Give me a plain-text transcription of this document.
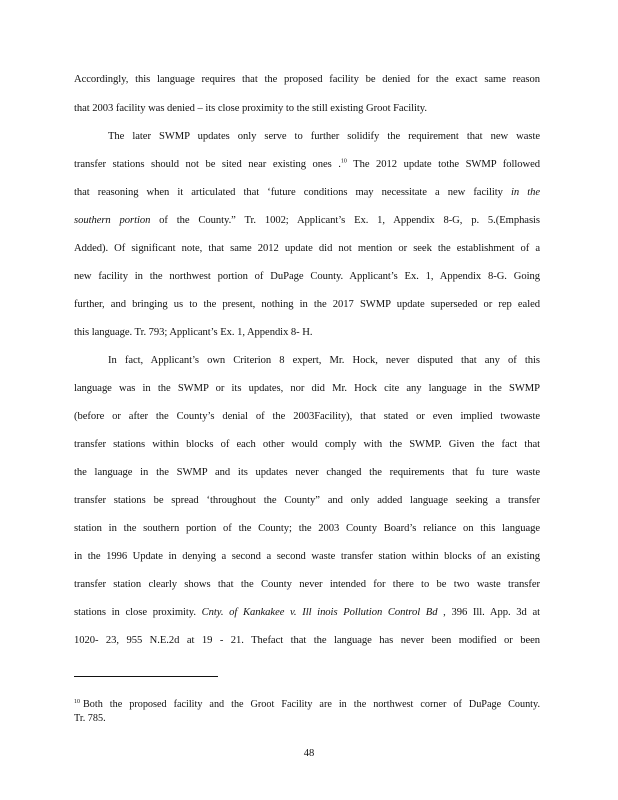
Accordingly, this language requires that the proposed facility be denied for the exact same reason
that 2003 facility was denied – its close proximity to the still existing Groot Facility.
The later SWMP updates only serve to further solidify the requirement that new waste
transfer stations should not be sited near existing ones .$^{10}$ The 2012 update tothe SWMP followed
that reasoning when it articulated that ‘future conditions may necessitate a new facility in the
southern portion of the County.” Tr. 1002; Applicant’s Ex. 1, Appendix 8-G, p. 5.(Emphasis
Added). Of significant note, that same 2012 update did not mention or seek the establishment of a
new facility in the northwest portion of DuPage County. Applicant’s Ex. 1, Appendix 8-G. Going
further, and bringing us to the present, nothing in the 2017 SWMP update superseded or rep ealed
this language. Tr. 793; Applicant’s Ex. 1, Appendix 8- H.
In fact, Applicant’s own Criterion 8 expert, Mr. Hock, never disputed that any of this
language was in the SWMP or its updates, nor did Mr. Hock cite any language in the SWMP
(before or after the County’s denial of the 2003Facility), that stated or even implied twowaste
transfer stations within blocks of each other would comply with the SWMP. Given the fact that
the language in the SWMP and its updates never changed the requirements that fu ture waste
transfer stations be spread ‘throughout the County” and only added language seeking a transfer
station in the southern portion of the County; the 2003 County Board’s reliance on this language
in the 1996 Update in denying a second a second waste transfer station within blocks of an existing
transfer station clearly shows that the County never intended for there to be two waste transfer
stations in close proximity. Cnty. of Kankakee v. Ill inois Pollution Control Bd , 396 Ill. App. 3d at
1020- 23, 955 N.E.2d at 19 - 21. Thefact that the language has never been modified or been
$^{10}$ Both the proposed facility and the Groot Facility are in the northwest corner of DuPage County.
Tr. 785.
48
